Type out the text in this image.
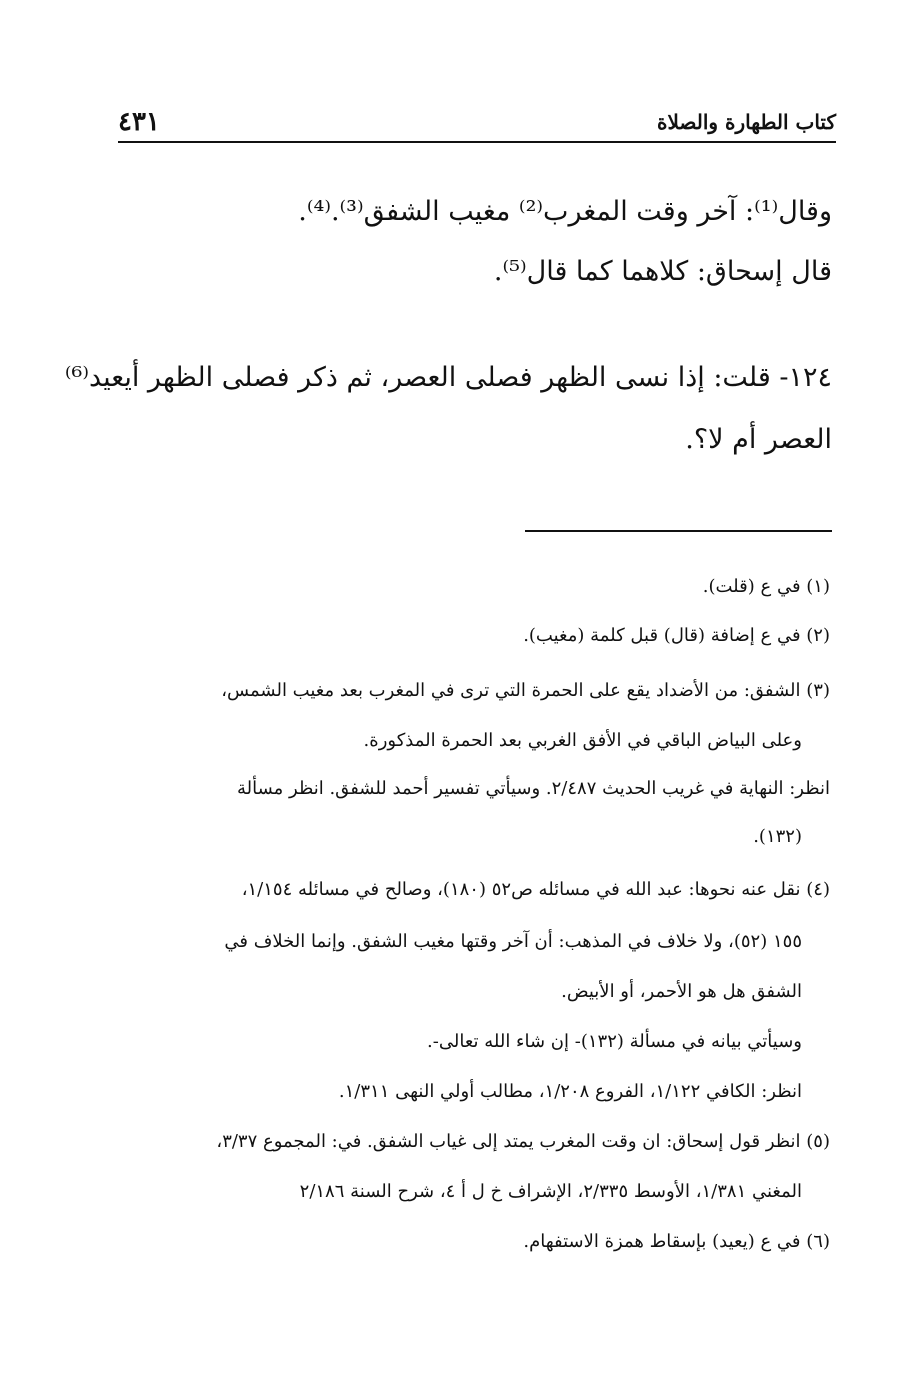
كتاب الطهارة والصلاة
٤٣١
وقال⁽¹⁾: آخر وقت المغرب⁽²⁾ مغيب الشفق⁽³⁾.⁽⁴⁾.
قال إسحاق: كلاهما كما قال⁽⁵⁾.
١٢٤- قلت: إذا نسى الظهر فصلى العصر، ثم ذكر فصلى الظهر أيعيد⁽⁶⁾
العصر أم لا؟.
(١) في ع (قلت).
(٢) في ع إضافة (قال) قبل كلمة (مغيب).
(٣) الشفق: من الأضداد يقع على الحمرة التي ترى في المغرب بعد مغيب الشمس،
وعلى البياض الباقي في الأفق الغربي بعد الحمرة المذكورة.
انظر: النهاية في غريب الحديث ٢/٤٨٧. وسيأتي تفسير أحمد للشفق. انظر مسألة
(١٣٢).
(٤) نقل عنه نحوها: عبد الله في مسائله ص٥٢ (١٨٠)، وصالح في مسائله ١/١٥٤،
١٥٥ (٥٢)، ولا خلاف في المذهب: أن آخر وقتها مغيب الشفق. وإنما الخلاف في
الشفق هل هو الأحمر، أو الأبيض.
وسيأتي بيانه في مسألة (١٣٢)- إن شاء الله تعالى-.
انظر: الكافي ١/١٢٢، الفروع ١/٢٠٨، مطالب أولي النهى ١/٣١١.
(٥) انظر قول إسحاق: ان وقت المغرب يمتد إلى غياب الشفق. في: المجموع ٣/٣٧،
المغني ١/٣٨١، الأوسط ٢/٣٣٥، الإشراف خ ل أ ٤، شرح السنة ٢/١٨٦
(٦) في ع (يعيد) بإسقاط همزة الاستفهام.
